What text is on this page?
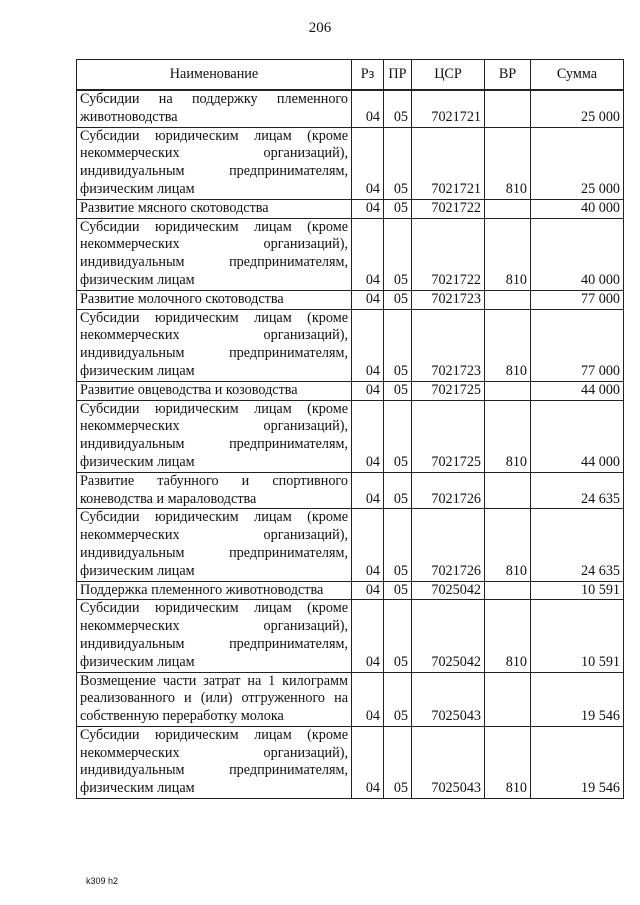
206
Наименование	Рз	ПР	ЦСР	ВР	Сумма
Субсидии на поддержку племенного животноводства	04	05	7021721		25 000
Субсидии юридическим лицам (кроме некоммерческих организаций), индивидуальным предпринимателям, физическим лицам	04	05	7021721	810	25 000
Развитие мясного скотоводства	04	05	7021722		40 000
Субсидии юридическим лицам (кроме некоммерческих организаций), индивидуальным предпринимателям, физическим лицам	04	05	7021722	810	40 000
Развитие молочного скотоводства	04	05	7021723		77 000
Субсидии юридическим лицам (кроме некоммерческих организаций), индивидуальным предпринимателям, физическим лицам	04	05	7021723	810	77 000
Развитие овцеводства и козоводства	04	05	7021725		44 000
Субсидии юридическим лицам (кроме некоммерческих организаций), индивидуальным предпринимателям, физическим лицам	04	05	7021725	810	44 000
Развитие табунного и спортивного коневодства и мараловодства	04	05	7021726		24 635
Субсидии юридическим лицам (кроме некоммерческих организаций), индивидуальным предпринимателям, физическим лицам	04	05	7021726	810	24 635
Поддержка племенного животноводства	04	05	7025042		10 591
Субсидии юридическим лицам (кроме некоммерческих организаций), индивидуальным предпринимателям, физическим лицам	04	05	7025042	810	10 591
Возмещение части затрат на 1 килограмм реализованного и (или) отгруженного на собственную переработку молока	04	05	7025043		19 546
Субсидии юридическим лицам (кроме некоммерческих организаций), индивидуальным предпринимателям, физическим лицам	04	05	7025043	810	19 546
k309 h2
